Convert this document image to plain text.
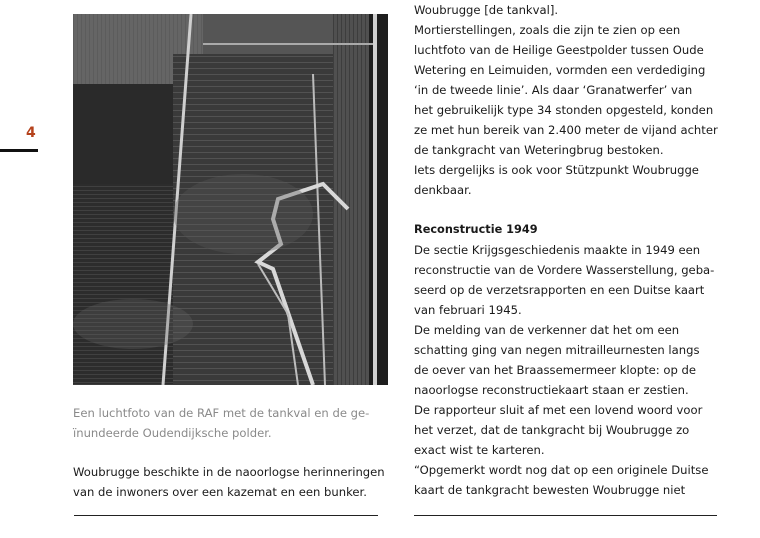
4

Een luchtfoto van de RAF met de tankval en de ge-
ïnundeerde Oudendijksche polder.

Woubrugge beschikte in de naoorlogse herinneringen
van de inwoners over een kazemat en een bunker.

Woubrugge [de tankval].
Mortierstellingen, zoals die zijn te zien op een
luchtfoto van de Heilige Geestpolder tussen Oude
Wetering en Leimuiden, vormden een verdediging
‘in de tweede linie’. Als daar ‘Granatwerfer’ van
het gebruikelijk type 34 stonden opgesteld, konden
ze met hun bereik van 2.400 meter de vijand achter
de tankgracht van Weteringbrug bestoken.
Iets dergelijks is ook voor Stützpunkt Woubrugge
denkbaar.

Reconstructie 1949

De sectie Krijgsgeschiedenis maakte in 1949 een
reconstructie van de Vordere Wasserstellung, geba-
seerd op de verzetsrapporten en een Duitse kaart
van februari 1945.
De melding van de verkenner dat het om een
schatting ging van negen mitrailleurnesten langs
de oever van het Braassemermeer klopte: op de
naoorlogse reconstructiekaart staan er zestien.
De rapporteur sluit af met een lovend woord voor
het verzet, dat de tankgracht bij Woubrugge zo
exact wist te karteren.
“Opgemerkt wordt nog dat op een originele Duitse
kaart de tankgracht bewesten Woubrugge niet
